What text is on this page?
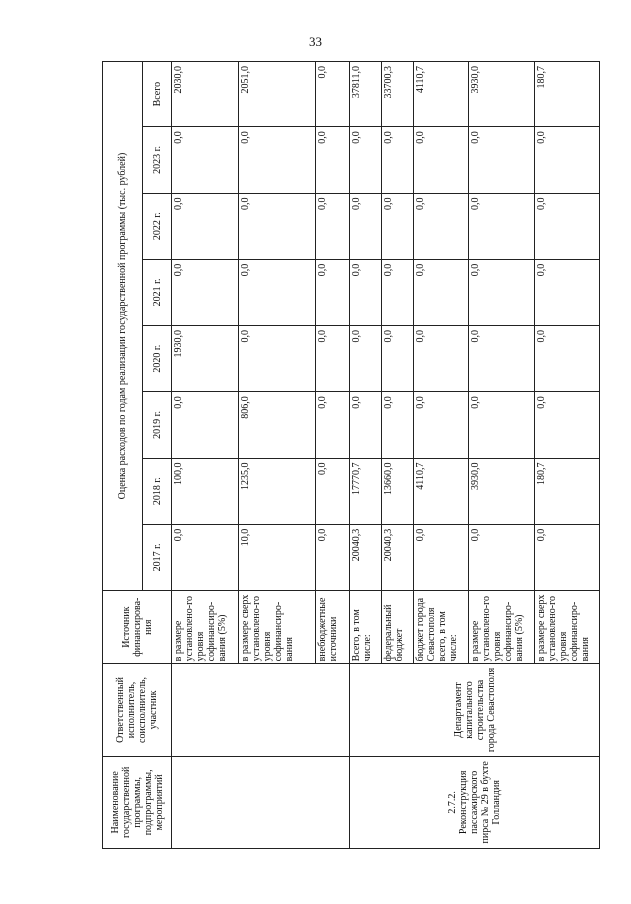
33
Наименование государственной программы, подпрограммы, мероприятий	Ответственный исполнитель, соисполнитель, участник	Источник финансирова-ния	Оценка расходов по годам реализации государственной программы (тыс. рублей)							
			2017 г.	2018 г.	2019 г.	2020 г.	2021 г.	2022 г.	2023 г.	Всего
		в размере установлено-го уровня софинансиро-вания (5%)	0,0	100,0	0,0	1930,0	0,0	0,0	0,0	2030,0
		в размере сверх установлено-го уровня софинансиро-вания	10,0	1235,0	806,0	0,0	0,0	0,0	0,0	2051,0
		внебюджетные источники	0,0	0,0	0,0	0,0	0,0	0,0	0,0	0,0
2.7.2. Реконструкция пассажирского пирса № 29 в бухте Голландия	Департамент капитального строительства города Севастополя	Всего, в том числе:	20040,3	17770,7	0,0	0,0	0,0	0,0	0,0	37811,0
		федеральный бюджет	20040,3	13660,0	0,0	0,0	0,0	0,0	0,0	33700,3
		бюджет города Севастополя всего, в том числе:	0,0	4110,7	0,0	0,0	0,0	0,0	0,0	4110,7
		в размере установлено-го уровня софинансиро-вания (5%)	0,0	3930,0	0,0	0,0	0,0	0,0	0,0	3930,0
		в размере сверх установлено-го уровня софинансиро-вания	0,0	180,7	0,0	0,0	0,0	0,0	0,0	180,7
